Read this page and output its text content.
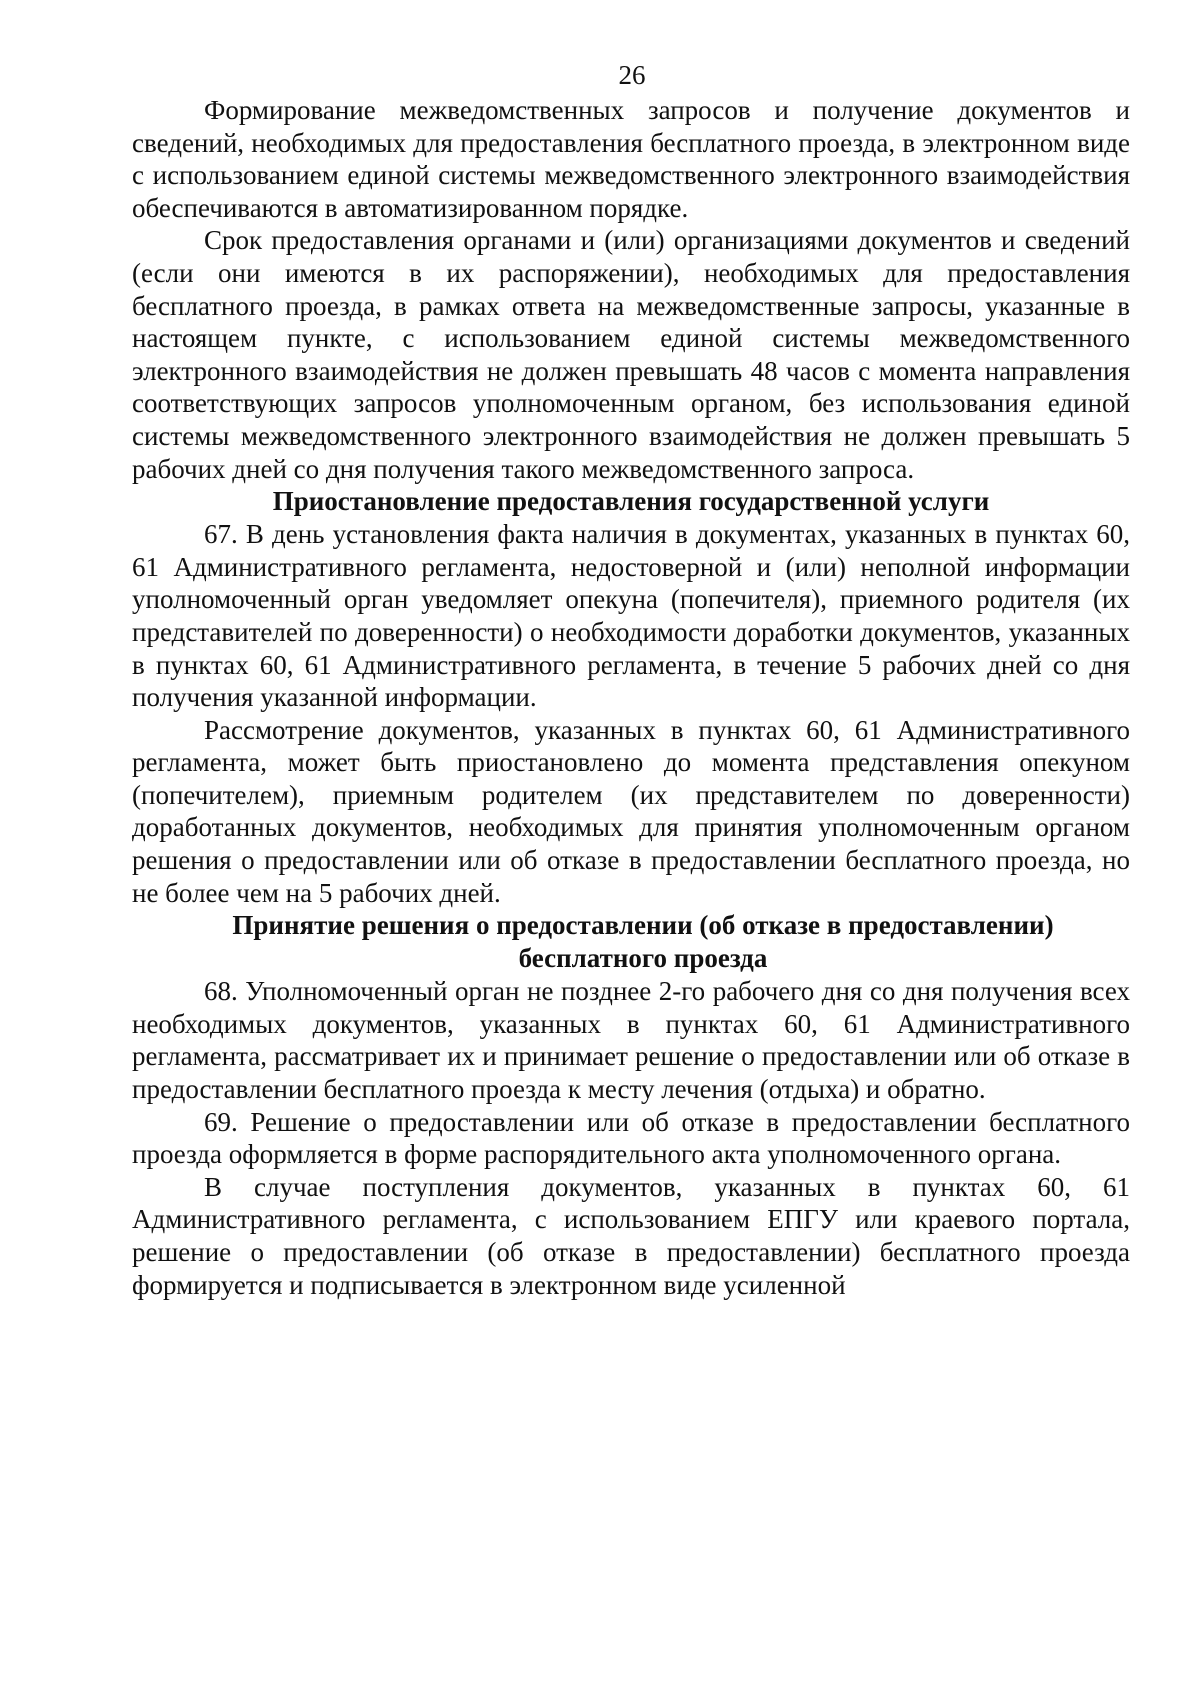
26

Формирование межведомственных запросов и получение документов и сведений, необходимых для предоставления бесплатного проезда, в электронном виде с использованием единой системы межведомственного электронного взаимодействия обеспечиваются в автоматизированном порядке.

Срок предоставления органами и (или) организациями документов и сведений (если они имеются в их распоряжении), необходимых для предоставления бесплатного проезда, в рамках ответа на межведомственные запросы, указанные в настоящем пункте, с использованием единой системы межведомственного электронного взаимодействия не должен превышать 48 часов с момента направления соответствующих запросов уполномоченным органом, без использования единой системы межведомственного электронного взаимодействия не должен превышать 5 рабочих дней со дня получения такого межведомственного запроса.

Приостановление предоставления государственной услуги

67. В день установления факта наличия в документах, указанных в пунктах 60, 61 Административного регламента, недостоверной и (или) неполной информации уполномоченный орган уведомляет опекуна (попечителя), приемного родителя (их представителей по доверенности) о необходимости доработки документов, указанных в пунктах 60, 61 Административного регламента, в течение 5 рабочих дней со дня получения указанной информации.

Рассмотрение документов, указанных в пунктах 60, 61 Административного регламента, может быть приостановлено до момента представления опекуном (попечителем), приемным родителем (их представителем по доверенности) доработанных документов, необходимых для принятия уполномоченным органом решения о предоставлении или об отказе в предоставлении бесплатного проезда, но не более чем на 5 рабочих дней.

Принятие решения о предоставлении (об отказе в предоставлении)
бесплатного проезда

68. Уполномоченный орган не позднее 2-го рабочего дня со дня получения всех необходимых документов, указанных в пунктах 60, 61 Административного регламента, рассматривает их и принимает решение о предоставлении или об отказе в предоставлении бесплатного проезда к месту лечения (отдыха) и обратно.

69. Решение о предоставлении или об отказе в предоставлении бесплатного проезда оформляется в форме распорядительного акта уполномоченного органа.

В случае поступления документов, указанных в пунктах 60, 61 Административного регламента, с использованием ЕПГУ или краевого портала, решение о предоставлении (об отказе в предоставлении) бесплатного проезда формируется и подписывается в электронном виде усиленной
